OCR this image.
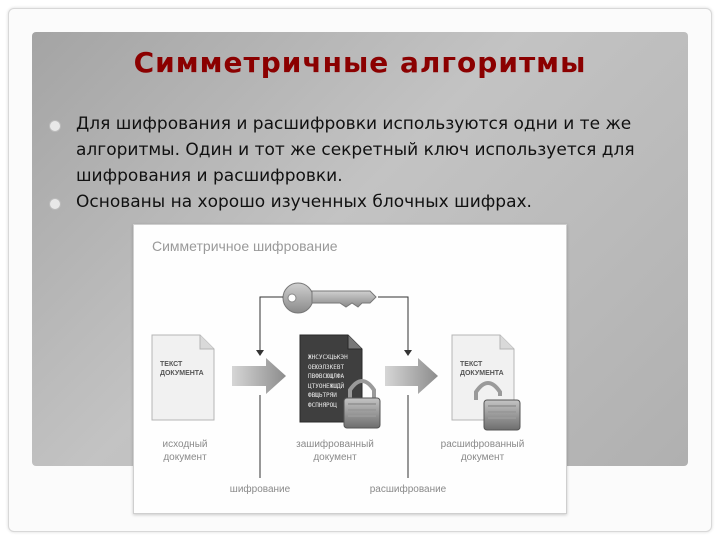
Симметричные алгоритмы
Для шифрования и расшифровки используются одни и те же алгоритмы. Один и тот же секретный ключ используется для шифрования и расшифровки.
Основаны на хорошо изученных блочных шифрах.
Симметричное шифрование
ТЕКСТ
ДОКУМЕНТА
ТЕКСТ
ДОКУМЕНТА
ЖНСУСХЦЬКЭН
ОЕЮЭЛЗКЕВТ
ПВФВСЮЩЛФА
ЦТУОНЕЖШДЙ
ФВЩЬТРЯИ
ФСПНЯРОЦ
исходный
документ
зашифрованный
документ
расшифрованный
документ
шифрование	расшифрование
